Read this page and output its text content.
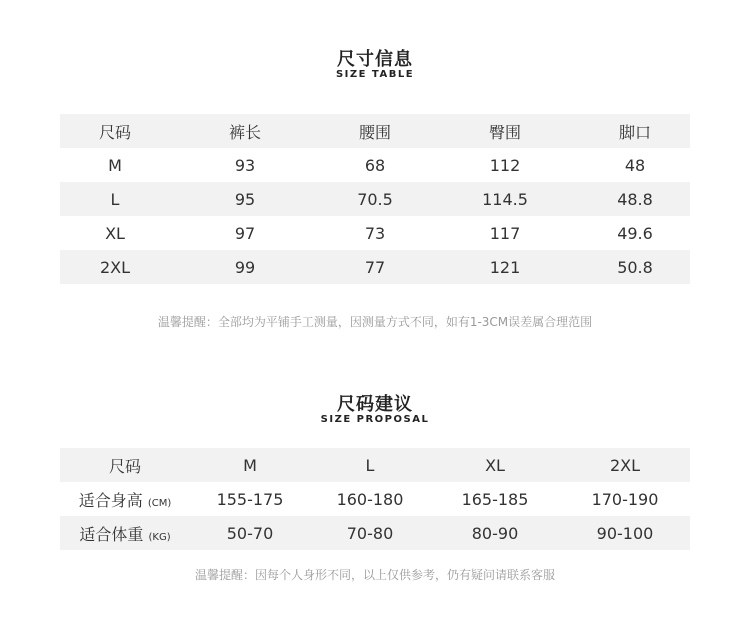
尺寸信息
SIZE TABLE
尺码	裤长	腰围	臀围	脚口
M	93	68	112	48
L	95	70.5	114.5	48.8
XL	97	73	117	49.6
2XL	99	77	121	50.8
温馨提醒：全部均为平铺手工测量，因测量方式不同，如有1-3CM误差属合理范围
尺码建议
SIZE PROPOSAL
尺码	M	L	XL	2XL
适合身高 (CM)	155-175	160-180	165-185	170-190
适合体重 (KG)	50-70	70-80	80-90	90-100
温馨提醒：因每个人身形不同，以上仅供参考，仍有疑问请联系客服
